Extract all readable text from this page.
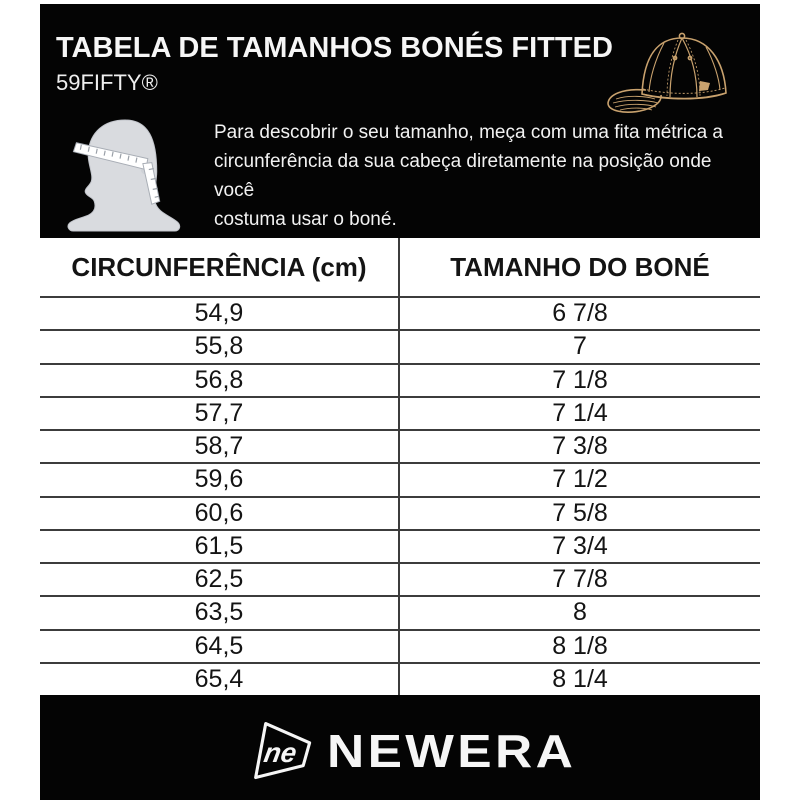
TABELA DE TAMANHOS BONÉS FITTED
59FIFTY®
Para descobrir o seu tamanho, meça com uma fita métrica a
circunferência da sua cabeça diretamente na posição onde você
costuma usar o boné.
CIRCUNFERÊNCIA (cm)	TAMANHO DO BONÉ
54,9	6 7/8
55,8	7
56,8	7 1/8
57,7	7 1/4
58,7	7 3/8
59,6	7 1/2
60,6	7 5/8
61,5	7 3/4
62,5	7 7/8
63,5	8
64,5	8 1/8
65,4	8 1/4
ne NEWERA
